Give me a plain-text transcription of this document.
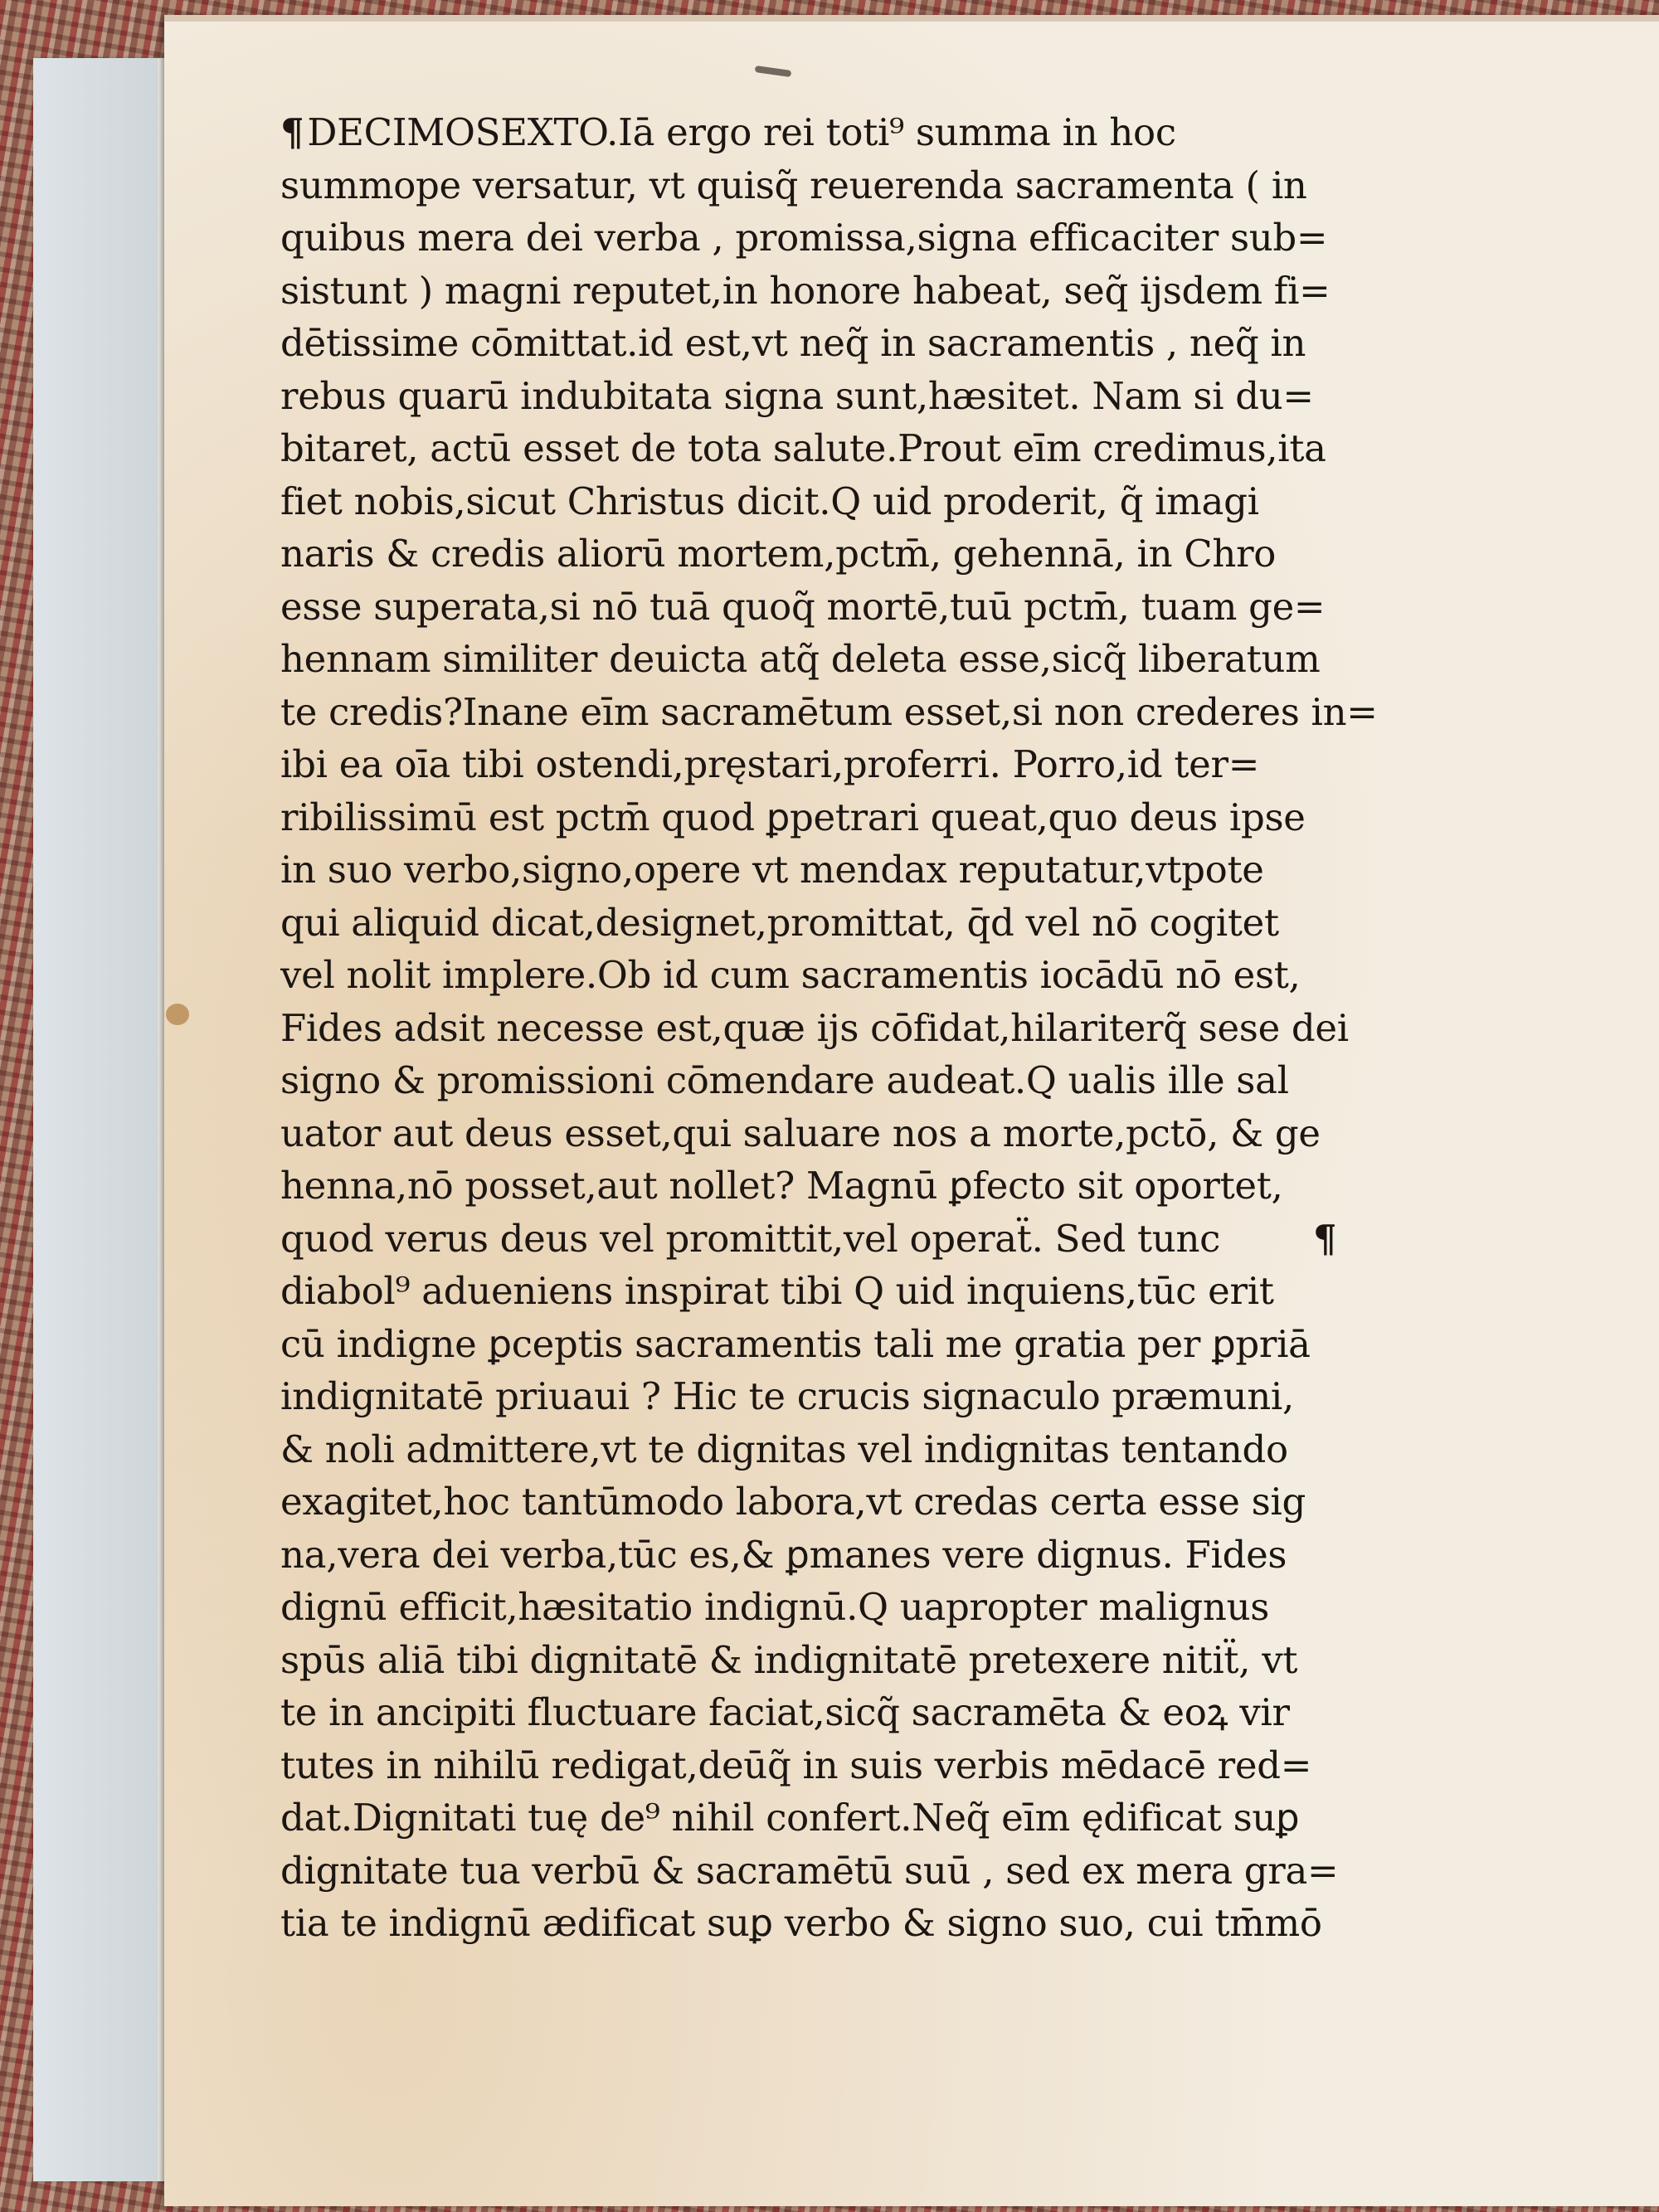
¶DECIMOSEXTO.Iā ergo rei toti⁹ summa in hoc
summope versatur, vt quisq̃ reuerenda sacramenta ( in
quibus mera dei verba , promissa,signa efficaciter sub=
sistunt ) magni reputet,in honore habeat, seq̃ ijsdem fi=
dētissime cōmittat.id est,vt neq̃ in sacramentis , neq̃ in
rebus quarū indubitata signa sunt,hæsitet. Nam si du=
bitaret, actū esset de tota salute.Prout eīm credimus,ita
fiet nobis,sicut Christus dicit.Q uid proderit, q̃ imagi
naris & credis aliorū mortem,pctm̄, gehennā, in Chro
esse superata,si nō tuā quoq̃ mortē,tuū pctm̄, tuam ge=
hennam similiter deuicta atq̃ deleta esse,sicq̃ liberatum
te credis?Inane eīm sacramētum esset,si non crederes in=
ibi ea oīa tibi ostendi,pręstari,proferri. Porro,id ter=
ribilissimū est pctm̄ quod ꝑpetrari queat,quo deus ipse
in suo verbo,signo,opere vt mendax reputatur,vtpote
qui aliquid dicat,designet,promittat, q̄d vel nō cogitet
vel nolit implere.Ob id cum sacramentis iocādū nō est,
Fides adsit necesse est,quæ ijs cōfidat,hilariterq̃ sese dei
signo & promissioni cōmendare audeat.Q ualis ille sal
uator aut deus esset,qui saluare nos a morte,pctō, & ge
henna,nō posset,aut nollet? Magnū ꝑfecto sit oportet,
quod verus deus vel promittit,vel operaẗ. Sed tunc ¶
diabol⁹ adueniens inspirat tibi Q uid inquiens,tūc erit
cū indigne ꝑceptis sacramentis tali me gratia per ꝑpriā
indignitatē priuaui ? Hic te crucis signaculo præmuni,
& noli admittere,vt te dignitas vel indignitas tentando
exagitet,hoc tantūmodo labora,vt credas certa esse sig
na,vera dei verba,tūc es,& ꝑmanes vere dignus. Fides
dignū efficit,hæsitatio indignū.Q uapropter malignus
spūs aliā tibi dignitatē & indignitatē pretexere nitiẗ, vt
te in ancipiti fluctuare faciat,sicq̃ sacramēta & eoꝝ vir
tutes in nihilū redigat,deūq̃ in suis verbis mēdacē red=
dat.Dignitati tuę de⁹ nihil confert.Neq̃ eīm ędificat suꝑ
dignitate tua verbū & sacramētū suū , sed ex mera gra=
tia te indignū ædificat suꝑ verbo & signo suo, cui tm̄mō
